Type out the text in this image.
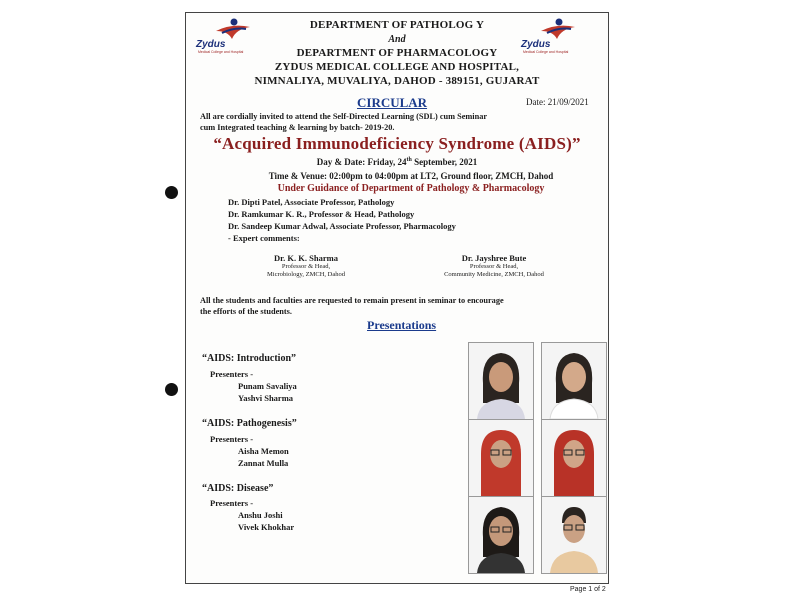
Zydus
Medical College and Hospital
Zydus
Medical College and Hospital
DEPARTMENT OF PATHOLOG Y
And
DEPARTMENT OF PHARMACOLOGY
ZYDUS MEDICAL COLLEGE AND HOSPITAL,
NIMNALIYA, MUVALIYA, DAHOD - 389151, GUJARAT
CIRCULAR	Date: 21/09/2021
All are cordially invited to attend the Self-Directed Learning (SDL) cum Seminar
cum Integrated teaching & learning by batch- 2019-20.
“Acquired Immunodeficiency Syndrome (AIDS)”
Day & Date: Friday, 24th September, 2021
Time & Venue: 02:00pm to 04:00pm at LT2, Ground floor, ZMCH, Dahod
Under Guidance of Department of Pathology & Pharmacology
Dr. Dipti Patel, Associate Professor, Pathology
Dr. Ramkumar K. R., Professor & Head, Pathology
Dr. Sandeep Kumar Adwal, Associate Professor, Pharmacology
- Expert comments:
Dr. K. K. Sharma
Professor & Head,
Microbiology, ZMCH, Dahod
Dr. Jayshree Bute
Professor & Head,
Community Medicine, ZMCH, Dahod
All the students and faculties are requested to remain present in seminar to encourage
the efforts of the students.
Presentations
“AIDS: Introduction”
Presenters -
Punam Savaliya
Yashvi Sharma
“AIDS: Pathogenesis”
Presenters -
Aisha Memon
Zannat Mulla
“AIDS: Disease”
Presenters -
Anshu Joshi
Vivek Khokhar
Page 1 of 2
